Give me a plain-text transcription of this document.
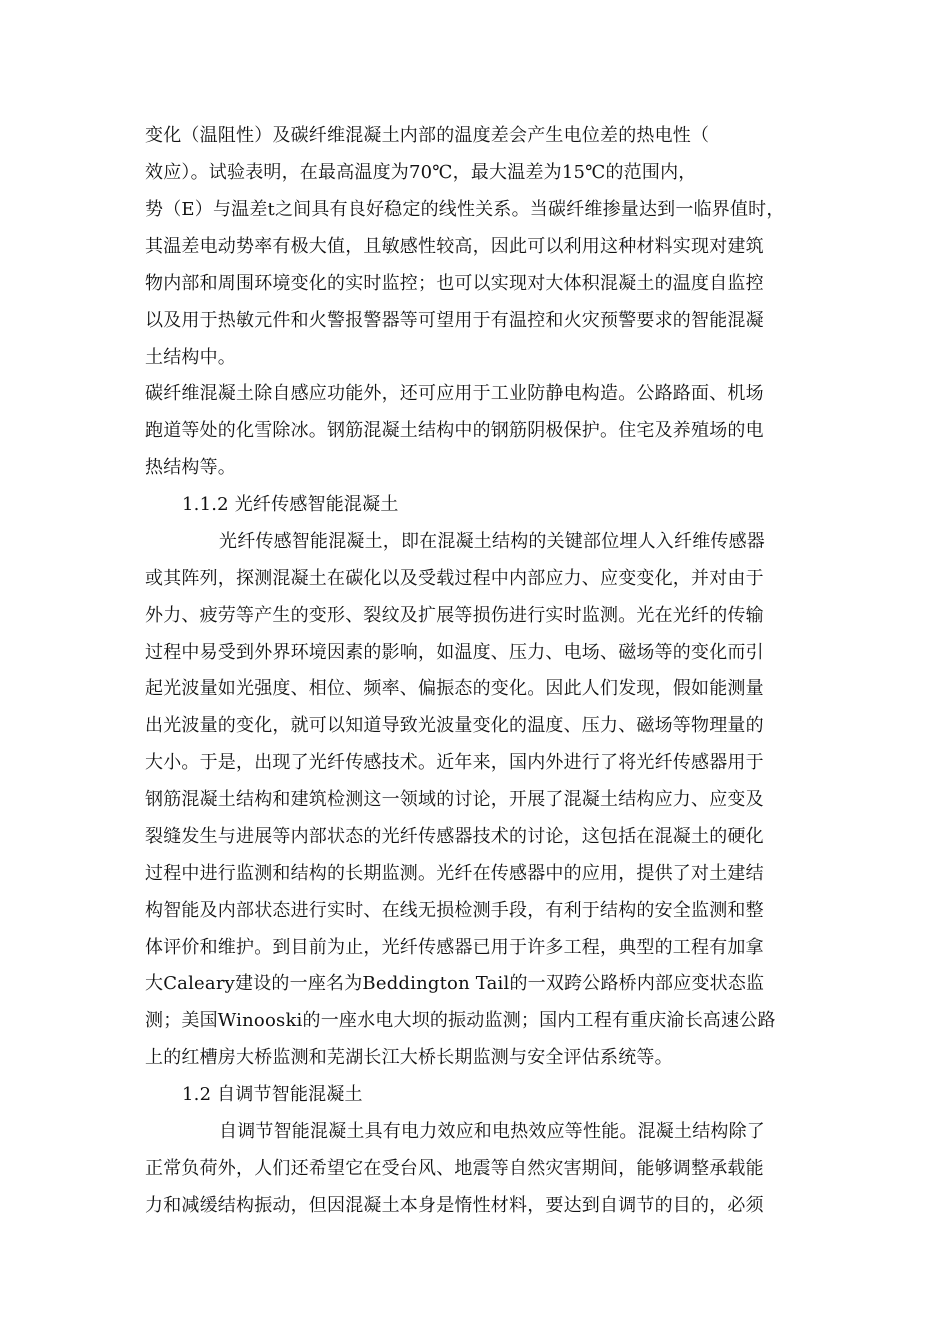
变化（温阻性）及碳纤维混凝土内部的温度差会产生电位差的热电性（
效应）。试验表明，在最高温度为70℃，最大温差为15℃的范围内，
势（E）与温差t之间具有良好稳定的线性关系。当碳纤维掺量达到一临界值时，
其温差电动势率有极大值，且敏感性较高，因此可以利用这种材料实现对建筑
物内部和周围环境变化的实时监控；也可以实现对大体积混凝土的温度自监控
以及用于热敏元件和火警报警器等可望用于有温控和火灾预警要求的智能混凝
土结构中。
碳纤维混凝土除自感应功能外，还可应用于工业防静电构造。公路路面、机场
跑道等处的化雪除冰。钢筋混凝土结构中的钢筋阴极保护。住宅及养殖场的电
热结构等。
1.1.2 光纤传感智能混凝土
光纤传感智能混凝土，即在混凝土结构的关键部位埋人入纤维传感器
或其阵列，探测混凝土在碳化以及受载过程中内部应力、应变变化，并对由于
外力、疲劳等产生的变形、裂纹及扩展等损伤进行实时监测。光在光纤的传输
过程中易受到外界环境因素的影响，如温度、压力、电场、磁场等的变化而引
起光波量如光强度、相位、频率、偏振态的变化。因此人们发现，假如能测量
出光波量的变化，就可以知道导致光波量变化的温度、压力、磁场等物理量的
大小。于是，出现了光纤传感技术。近年来，国内外进行了将光纤传感器用于
钢筋混凝土结构和建筑检测这一领域的讨论，开展了混凝土结构应力、应变及
裂缝发生与进展等内部状态的光纤传感器技术的讨论，这包括在混凝土的硬化
过程中进行监测和结构的长期监测。光纤在传感器中的应用，提供了对土建结
构智能及内部状态进行实时、在线无损检测手段，有利于结构的安全监测和整
体评价和维护。到目前为止，光纤传感器已用于许多工程，典型的工程有加拿
大Caleary建设的一座名为Beddington Tail的一双跨公路桥内部应变状态监
测；美国Winooski的一座水电大坝的振动监测；国内工程有重庆渝长高速公路
上的红槽房大桥监测和芜湖长江大桥长期监测与安全评估系统等。
1.2 自调节智能混凝土
自调节智能混凝土具有电力效应和电热效应等性能。混凝土结构除了
正常负荷外，人们还希望它在受台风、地震等自然灾害期间，能够调整承载能
力和减缓结构振动，但因混凝土本身是惰性材料，要达到自调节的目的，必须
